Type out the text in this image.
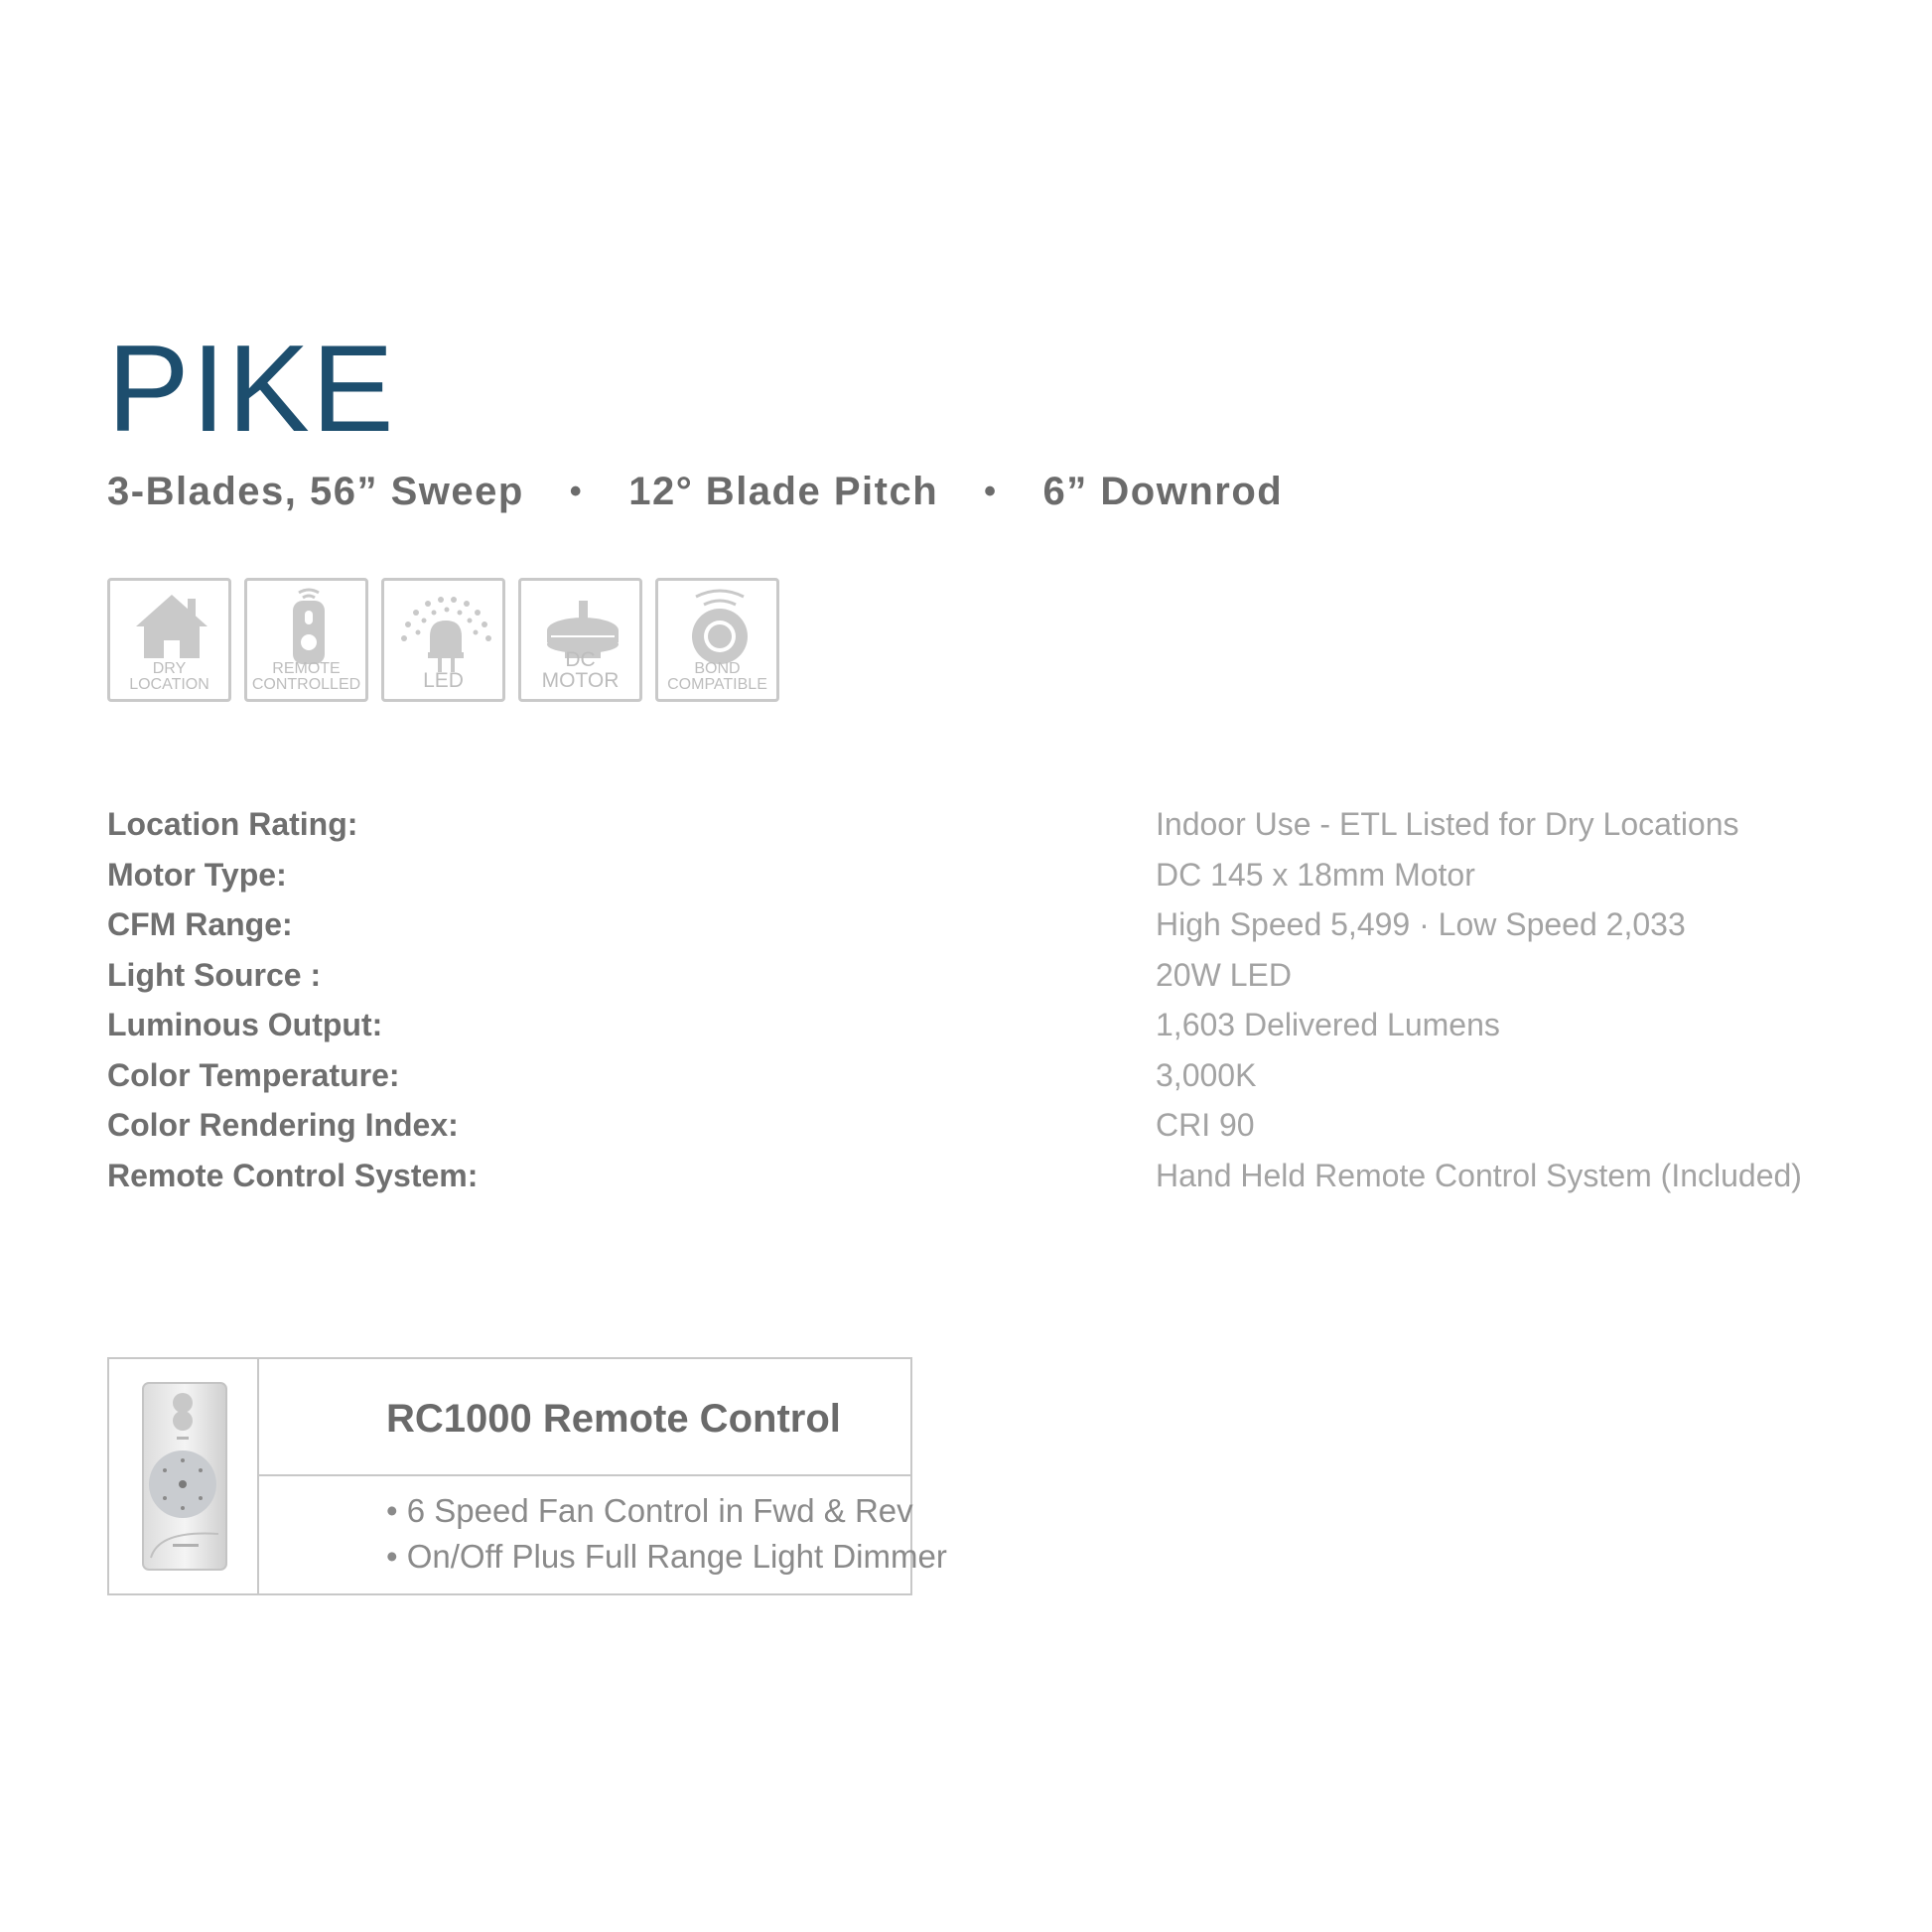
PIKE
3-Blades, 56” Sweep • 12° Blade Pitch • 6” Downrod
DRY
LOCATION
REMOTE
CONTROLLED	LED
DC MOTOR
BOND
COMPATIBLE
Location Rating:	Indoor Use - ETL Listed for Dry Locations
Motor Type:	DC 145 x 18mm Motor
CFM Range:	High Speed 5,499 · Low Speed 2,033
Light Source :	20W LED
Luminous Output:	1,603 Delivered Lumens
Color Temperature:	3,000K
Color Rendering Index:	CRI 90
Remote Control System:	Hand Held Remote Control System (Included)
RC1000 Remote Control
• 6 Speed Fan Control in Fwd & Rev
• On/Off Plus Full Range Light Dimmer
